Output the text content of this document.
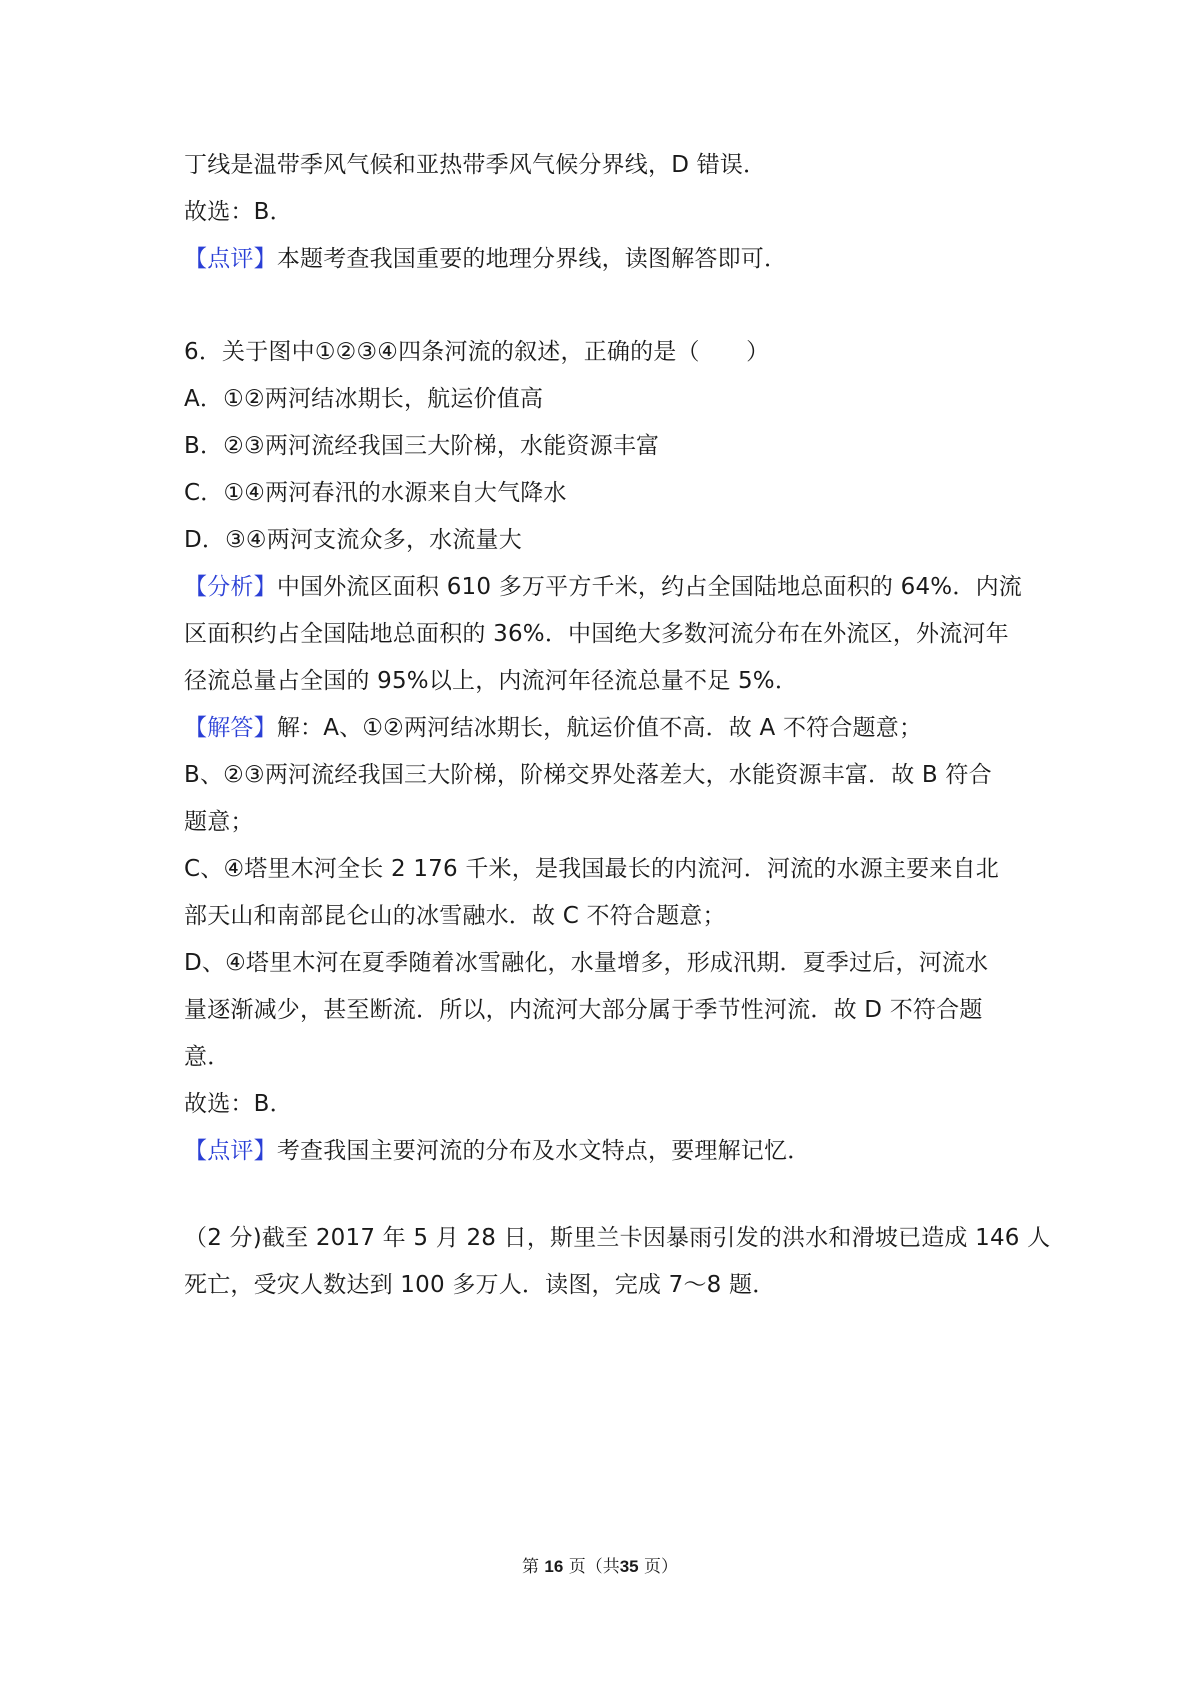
丁线是温带季风气候和亚热带季风气候分界线，D 错误．
故选：B．
【点评】本题考查我国重要的地理分界线，读图解答即可．
6．关于图中①②③④四条河流的叙述，正确的是（　　）
A．①②两河结冰期长，航运价值高
B．②③两河流经我国三大阶梯，水能资源丰富
C．①④两河春汛的水源来自大气降水
D．③④两河支流众多，水流量大
【分析】中国外流区面积 610 多万平方千米，约占全国陆地总面积的 64%．内流
区面积约占全国陆地总面积的 36%．中国绝大多数河流分布在外流区，外流河年
径流总量占全国的 95%以上，内流河年径流总量不足 5%．
【解答】解：A、①②两河结冰期长，航运价值不高．故 A 不符合题意；
B、②③两河流经我国三大阶梯，阶梯交界处落差大，水能资源丰富．故 B 符合
题意；
C、④塔里木河全长 2 176 千米，是我国最长的内流河．河流的水源主要来自北
部天山和南部昆仑山的冰雪融水．故 C 不符合题意；
D、④塔里木河在夏季随着冰雪融化，水量增多，形成汛期．夏季过后，河流水
量逐渐减少，甚至断流．所以，内流河大部分属于季节性河流．故 D 不符合题
意．
故选：B．
【点评】考查我国主要河流的分布及水文特点，要理解记忆．
（2 分)截至 2017 年 5 月 28 日，斯里兰卡因暴雨引发的洪水和滑坡已造成 146 人
死亡，受灾人数达到 100 多万人．读图，完成 7～8 题．
第 16 页（共35 页）
